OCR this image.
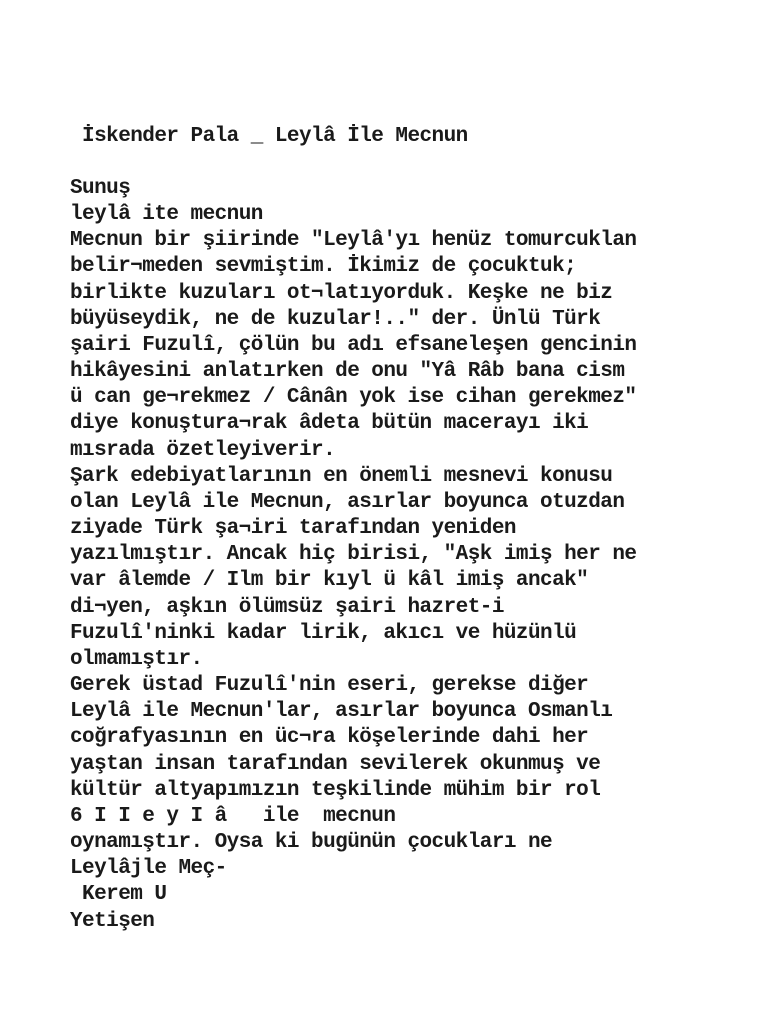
İskender Pala _ Leylâ İle Mecnun
Sunuş
leylâ ite mecnun
Mecnun bir şiirinde "Leylâ'yı henüz tomurcuklan
belir¬meden sevmiştim. İkimiz de çocuktuk;
birlikte kuzuları ot¬latıyorduk. Keşke ne biz
büyüseydik, ne de kuzular!.." der. Ünlü Türk
şairi Fuzulî, çölün bu adı efsaneleşen gencinin
hikâyesini anlatırken de onu "Yâ Râb bana cism
ü can ge¬rekmez / Cânân yok ise cihan gerekmez"
diye konuştura¬rak âdeta bütün macerayı iki
mısrada özetleyiverir.
Şark edebiyatlarının en önemli mesnevi konusu
olan Leylâ ile Mecnun, asırlar boyunca otuzdan
ziyade Türk şa¬iri tarafından yeniden
yazılmıştır. Ancak hiç birisi, "Aşk imiş her ne
var âlemde / Ilm bir kıyl ü kâl imiş ancak"
di¬yen, aşkın ölümsüz şairi hazret-i
Fuzulî'ninki kadar lirik, akıcı ve hüzünlü
olmamıştır.
Gerek üstad Fuzulî'nin eseri, gerekse diğer
Leylâ ile Mecnun'lar, asırlar boyunca Osmanlı
coğrafyasının en üc¬ra köşelerinde dahi her
yaştan insan tarafından sevilerek okunmuş ve
kültür altyapımızın teşkilinde mühim bir rol
6 I I e y I â   ile  mecnun
oynamıştır. Oysa ki bugünün çocukları ne
Leylâjle Meç-
Kerem U
Yetişen
